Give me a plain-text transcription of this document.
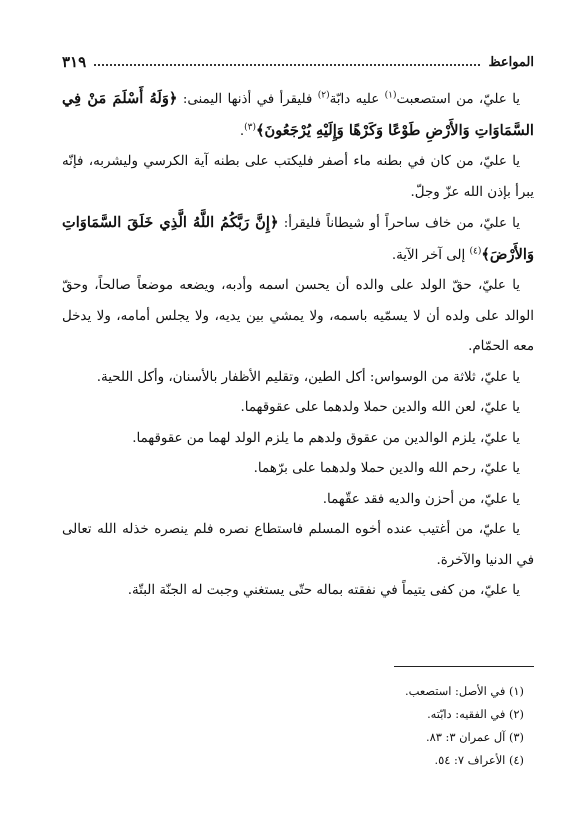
المواعظ
٣١٩

يا عليّ، من استصعبت$^{(١)}$ عليه دابّة$^{(٢)}$ فليقرأ في أذنها اليمنى: ﴿وَلَهُ أَسْلَمَ مَنْ فِي السَّمَاوَاتِ وَالأَرْضِ طَوْعًا وَكَرْهًا وَإِلَيْهِ يُرْجَعُونَ﴾$^{(٣)}$.

يا عليّ، من كان في بطنه ماء أصفر فليكتب على بطنه آية الكرسي وليشربه، فإنّه يبرأ بإذن الله عزّ وجلّ.

يا عليّ، من خاف ساحراً أو شيطاناً فليقرأ: ﴿إِنَّ رَبَّكُمُ اللَّهُ الَّذِي خَلَقَ السَّمَاوَاتِ وَالأَرْضَ﴾$^{(٤)}$ إلى آخر الآية.

يا عليّ، حقّ الولد على والده أن يحسن اسمه وأدبه، ويضعه موضعاً صالحاً، وحقّ الوالد على ولده أن لا يسمّيه باسمه، ولا يمشي بين يديه، ولا يجلس أمامه، ولا يدخل معه الحمّام.

يا عليّ، ثلاثة من الوسواس: أكل الطين، وتقليم الأظفار بالأسنان، وأكل اللحية.

يا عليّ، لعن الله والدين حملا ولدهما على عقوقهما.

يا عليّ، يلزم الوالدين من عقوق ولدهم ما يلزم الولد لهما من عقوقهما.

يا عليّ، رحم الله والدين حملا ولدهما على برّهما.

يا عليّ، من أحزن والديه فقد عقّهما.

يا عليّ، من أغتيب عنده أخوه المسلم فاستطاع نصره فلم ينصره خذله الله تعالى في الدنيا والآخرة.

يا عليّ، من كفى يتيماً في نفقته بماله حتّى يستغني وجبت له الجنّة البتّة.

(١) في الأصل: استصعب.

(٢) في الفقيه: دابّته.

(٣) آل عمران ٣: ٨٣.

(٤) الأعراف ٧: ٥٤.
